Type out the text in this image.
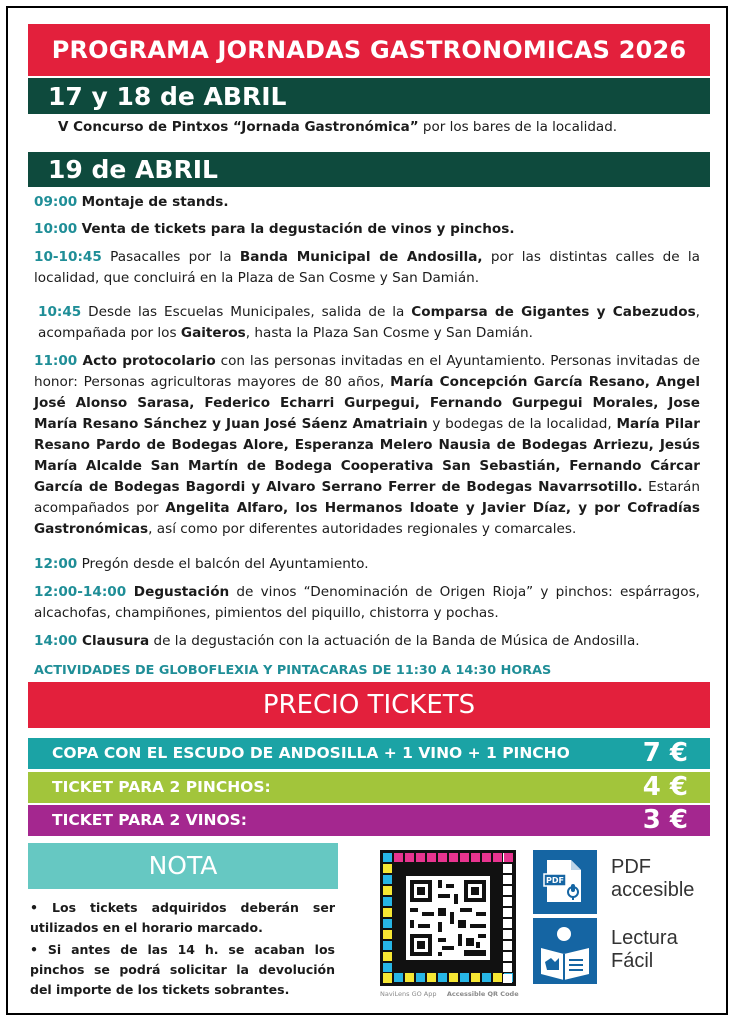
PROGRAMA JORNADAS GASTRONOMICAS 2026
17 y 18 de ABRIL
V Concurso de Pintxos “Jornada Gastronómica” por los bares de la localidad.
19 de ABRIL
09:00 Montaje de stands.
10:00 Venta de tickets para la degustación de vinos y pinchos.
10-10:45 Pasacalles por la Banda Municipal de Andosilla, por las distintas calles de la localidad, que concluirá en la Plaza de San Cosme y San Damián.
10:45 Desde las Escuelas Municipales, salida de la Comparsa de Gigantes y Cabezudos, acompañada por los Gaiteros, hasta la Plaza San Cosme y San Damián.
11:00 Acto protocolario con las personas invitadas en el Ayuntamiento. Personas invitadas de honor: Personas agricultoras mayores de 80 años, María Concepción García Resano, Angel José Alonso Sarasa, Federico Echarri Gurpegui, Fernando Gurpegui Morales, Jose María Resano Sánchez y Juan José Sáenz Amatriain y bodegas de la localidad, María Pilar Resano Pardo de Bodegas Alore, Esperanza Melero Nausia de Bodegas Arriezu, Jesús María Alcalde San Martín de Bodega Cooperativa San Sebastián, Fernando Cárcar García de Bodegas Bagordi y Alvaro Serrano Ferrer de Bodegas Navarrsotillo. Estarán acompañados por Angelita Alfaro, los Hermanos Idoate y Javier Díaz, y por Cofradías Gastronómicas, así como por diferentes autoridades regionales y comarcales.
12:00 Pregón desde el balcón del Ayuntamiento.
12:00-14:00 Degustación de vinos “Denominación de Origen Rioja” y pinchos: espárragos, alcachofas, champiñones, pimientos del piquillo, chistorra y pochas.
14:00 Clausura de la degustación con la actuación de la Banda de Música de Andosilla.
ACTIVIDADES DE GLOBOFLEXIA Y PINTACARAS DE 11:30 A 14:30 HORAS
PRECIO TICKETS
COPA CON EL ESCUDO DE ANDOSILLA + 1 VINO + 1 PINCHO	7 €
TICKET PARA 2 PINCHOS:	4 €
TICKET PARA 2 VINOS:	3 €
NOTA
• Los tickets adquiridos deberán ser utilizados en el horario marcado.
• Si antes de las 14 h. se acaban los pinchos se podrá solicitar la devolución del importe de los tickets sobrantes.	NaviLens GO App Accessible QR Code
PDF
PDF accesible
Lectura Fácil
